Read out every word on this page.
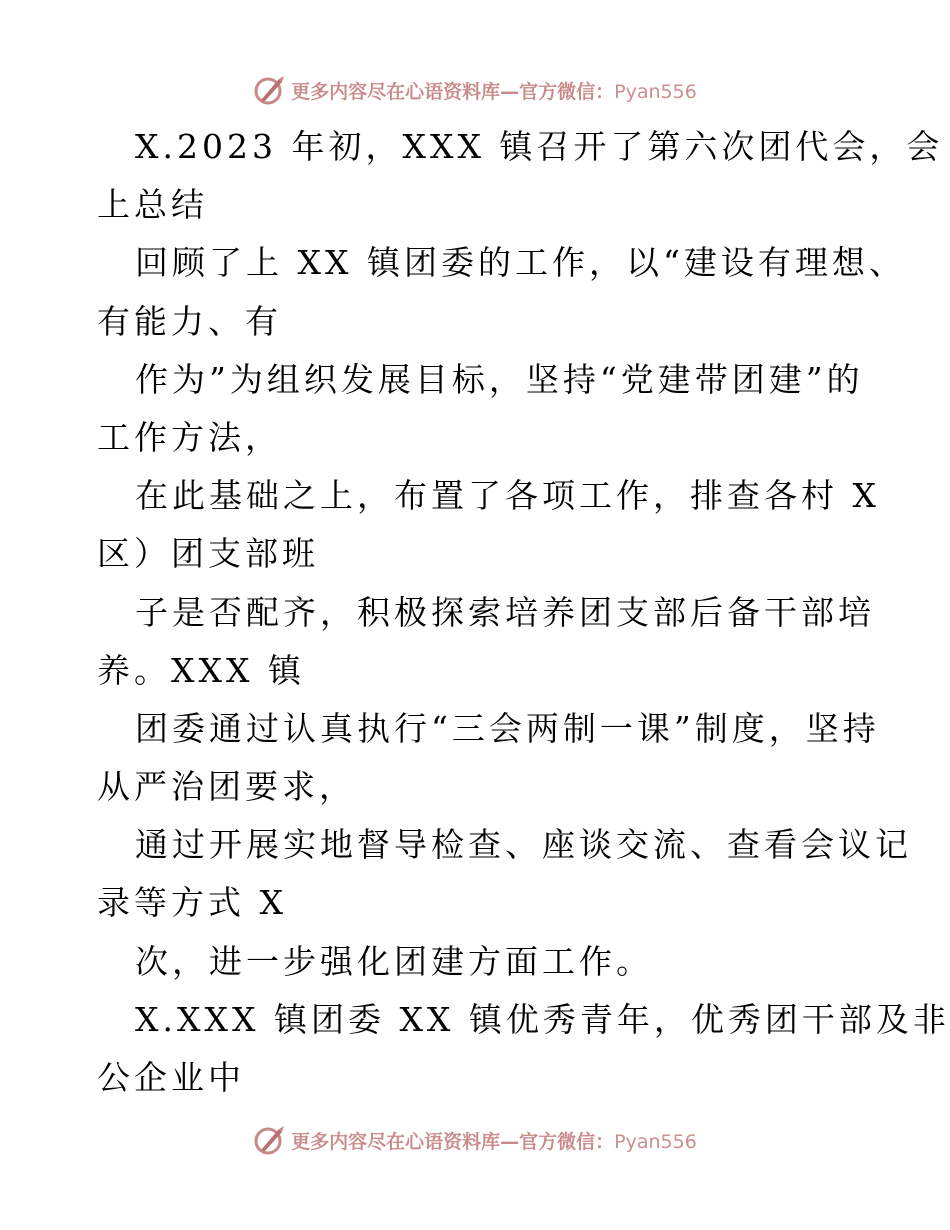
更多内容尽在心语资料库—官方微信：Pyan556
X.2023 年初，XXX 镇召开了第六次团代会，会
上总结
回顾了上 XX 镇团委的工作，以“建设有理想、
有能力、有
作为”为组织发展目标，坚持“党建带团建”的
工作方法，
在此基础之上，布置了各项工作，排查各村 X
区）团支部班
子是否配齐，积极探索培养团支部后备干部培
养。XXX 镇
团委通过认真执行“三会两制一课”制度，坚持
从严治团要求，
通过开展实地督导检查、座谈交流、查看会议记
录等方式 X
次，进一步强化团建方面工作。
X.XXX 镇团委 XX 镇优秀青年，优秀团干部及非
公企业中
更多内容尽在心语资料库—官方微信：Pyan556
